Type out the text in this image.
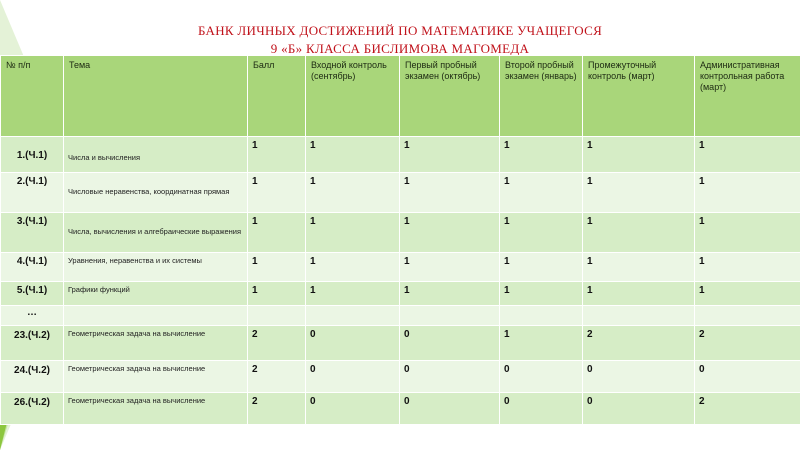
БАНК ЛИЧНЫХ ДОСТИЖЕНИЙ ПО МАТЕМАТИКЕ УЧАЩЕГОСЯ
9 «Б» КЛАССА БИСЛИМОВА МАГОМЕДА
№ п/п	Тема	Балл	Входной контроль (сентябрь)	Первый пробный экзамен (октябрь)	Второй пробный экзамен (январь)	Промежуточный контроль (март)	Административная контрольная работа (март)
1.(Ч.1)	Числа и вычисления	1	1	1	1	1	1
2.(Ч.1)	Числовые неравенства, координатная прямая	1	1	1	1	1	1
3.(Ч.1)	Числа, вычисления и алгебраические выражения	1	1	1	1	1	1
4.(Ч.1)	Уравнения, неравенства и их системы	1	1	1	1	1	1
5.(Ч.1)	Графики функций	1	1	1	1	1	1
…							
23.(Ч.2)	Геометрическая задача на вычисление	2	0	0	1	2	2
24.(Ч.2)	Геометрическая задача на вычисление	2	0	0	0	0	0
26.(Ч.2)	Геометрическая задача на вычисление	2	0	0	0	0	2
